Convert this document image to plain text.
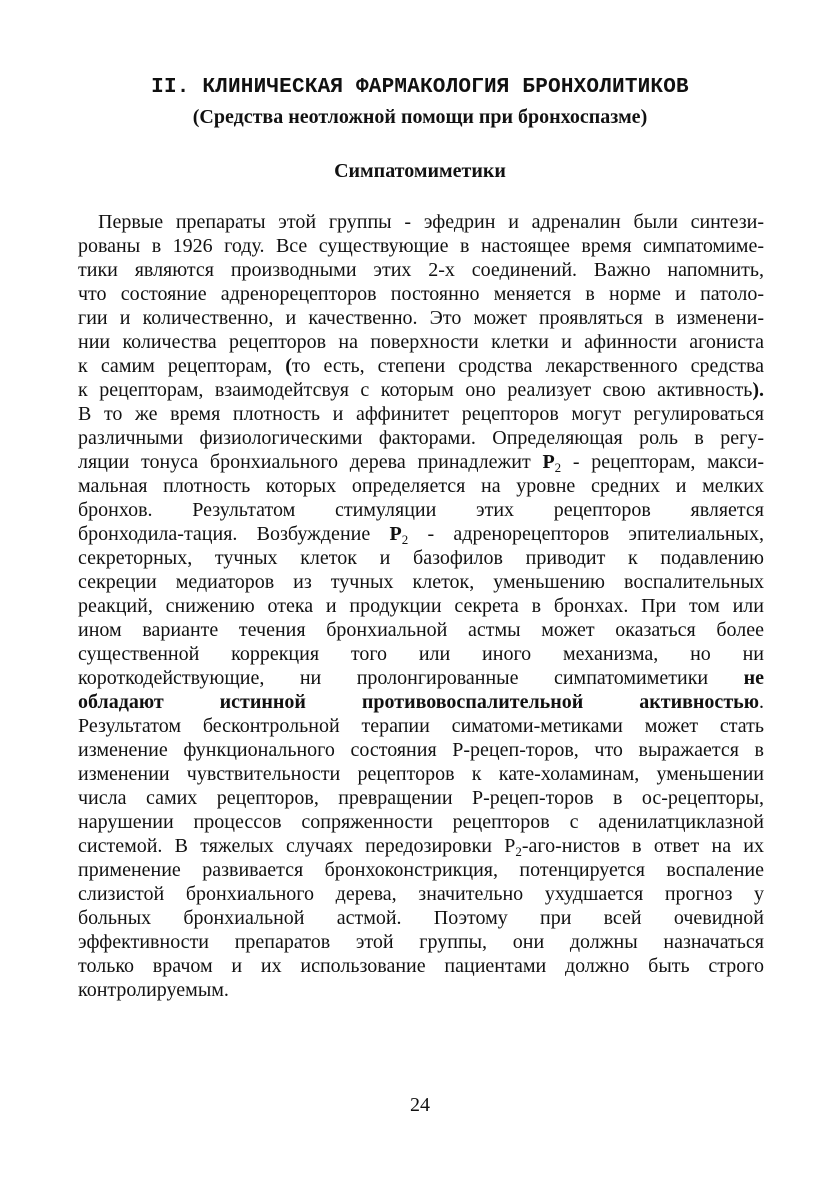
II. КЛИНИЧЕСКАЯ ФАРМАКОЛОГИЯ БРОНХОЛИТИКОВ
(Средства неотложной помощи при бронхоспазме)
Симпатомиметики
Первые препараты этой группы - эфедрин и адреналин были синтези-
рованы в 1926 году. Все существующие в настоящее время симпатомиме-
тики являются производными этих 2-х соединений. Важно напомнить,
что состояние адренорецепторов постоянно меняется в норме и патоло-
гии и количественно, и качественно. Это может проявляться в изменени-
нии количества рецепторов на поверхности клетки и афинности агониста
к самим рецепторам, (то есть, степени сродства лекарственного средства
к рецепторам, взаимодейтсвуя с которым оно реализует свою активность).
В то же время плотность и аффинитет рецепторов могут регулироваться
различными физиологическими факторами. Определяющая роль в регу-
ляции тонуса бронхиального дерева принадлежит $Р_2$ - рецепторам, макси-
мальная плотность которых определяется на уровне средних и мелких
бронхов.   Результатом   стимуляции   этих   рецепторов   является
бронходила-тация. Возбуждение $Р_2$ - адренорецепторов эпителиальных,
секреторных, тучных клеток и базофилов приводит к подавлению
секреции медиаторов из тучных клеток, уменьшению воспалительных
реакций, снижению отека и продукции секрета в бронхах. При том или
ином варианте течения бронхиальной астмы может оказаться более
существенной   коррекция   того   или   иного   механизма,   но   ни
короткодействующие, ни пролонгированные симпатомиметики не
обладают   истинной   противовоспалительной   активностью.
Результатом бесконтрольной терапии симатоми-метиками может стать
изменение функционального состояния Р-рецеп-торов, что выражается в
изменении чувствительности рецепторов к кате-холаминам, уменьшении
числа самих рецепторов, превращении Р-рецеп-торов в ос-рецепторы,
нарушении процессов сопряженности рецепторов с аденилатциклазной
системой. В тяжелых случаях передозировки $Р_2-аго$-нистов в ответ на их
применение развивается бронхоконстрикция, потенцируется воспаление
слизистой бронхиального дерева, значительно ухудшается прогноз у
больных бронхиальной астмой. Поэтому при всей очевидной
эффективности препаратов этой группы, они должны назначаться
только врачом и их использование пациентами должно быть строго
контролируемым.
24
